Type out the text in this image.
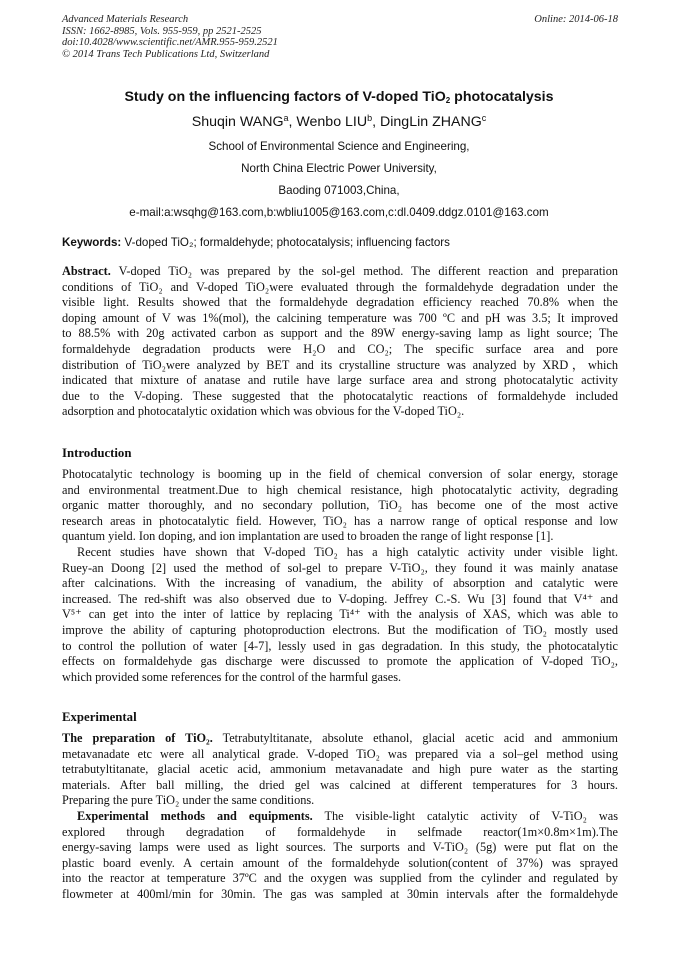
Advanced Materials Research
ISSN: 1662-8985, Vols. 955-959, pp 2521-2525
doi:10.4028/www.scientific.net/AMR.955-959.2521
© 2014 Trans Tech Publications Ltd, Switzerland
Online: 2014-06-18
Study on the influencing factors of V-doped TiO$_2$ photocatalysis
Shuqin WANG$^a$, Wenbo LIU$^b$, DingLin ZHANG$^c$
School of Environmental Science and Engineering,
North China Electric Power University,
Baoding 071003,China,
e-mail:a:wsqhg@163.com,b:wbliu1005@163.com,c:dl.0409.ddgz.0101@163.com
Keywords: V-doped TiO₂; formaldehyde; photocatalysis; influencing factors
Abstract. V-doped TiO₂ was prepared by the sol-gel method. The different reaction and preparation
conditions of TiO₂ and V-doped TiO₂were evaluated through the formaldehyde degradation under the
visible light. Results showed that the formaldehyde degradation efficiency reached 70.8% when the
doping amount of V was 1%(mol), the calcining temperature was 700 ºC and pH was 3.5; It improved
to 88.5% with 20g activated carbon as support and the 89W energy-saving lamp as light source; The
formaldehyde degradation products were H₂O and CO₂; The specific surface area and pore
distribution of TiO₂were analyzed by BET and its crystalline structure was analyzed by XRD，which
indicated that mixture of anatase and rutile have large surface area and strong photocatalytic activity
due to the V-doping. These suggested that the photocatalytic reactions of formaldehyde included
adsorption and photocatalytic oxidation which was obvious for the V-doped TiO₂.
Introduction
Photocatalytic technology is booming up in the field of chemical conversion of solar energy, storage
and environmental treatment.Due to high chemical resistance, high photocatalytic activity, degrading
organic matter thoroughly, and no secondary pollution, TiO₂ has become one of the most active
research areas in photocatalytic field. However, TiO₂ has a narrow range of optical response and low
quantum yield. Ion doping, and ion implantation are used to broaden the range of light response [1].
Recent studies have shown that V-doped TiO₂ has a high catalytic activity under visible light.
Ruey-an Doong [2] used the method of sol-gel to prepare V-TiO₂, they found it was mainly anatase
after calcinations. With the increasing of vanadium, the ability of absorption and catalytic were
increased. The red-shift was also observed due to V-doping. Jeffrey C.-S. Wu [3] found that V⁴⁺ and
V⁵⁺ can get into the inter of lattice by replacing Ti⁴⁺ with the analysis of XAS, which was able to
improve the ability of capturing photoproduction electrons. But the modification of TiO₂ mostly used
to control the pollution of water [4-7], lessly used in gas degradation. In this study, the photocatalytic
effects on formaldehyde gas discharge were discussed to promote the application of V-doped TiO₂,
which provided some references for the control of the harmful gases.
Experimental
The preparation of TiO₂. Tetrabutyltitanate, absolute ethanol, glacial acetic acid and ammonium
metavanadate etc were all analytical grade. V-doped TiO₂ was prepared via a sol–gel method using
tetrabutyltitanate, glacial acetic acid, ammonium metavanadate and high pure water as the starting
materials. After ball milling, the dried gel was calcined at different temperatures for 3 hours.
Preparing the pure TiO₂ under the same conditions.
Experimental methods and equipments. The visible-light catalytic activity of V-TiO₂ was
explored through degradation of formaldehyde in selfmade reactor(1m×0.8m×1m).The
energy-saving lamps were used as light sources. The surports and V-TiO₂ (5g) were put flat on the
plastic board evenly. A certain amount of the formaldehyde solution(content of 37%) was sprayed
into the reactor at temperature 37ºC and the oxygen was supplied from the cylinder and regulated by
flowmeter at 400ml/min for 30min. The gas was sampled at 30min intervals after the formaldehyde
